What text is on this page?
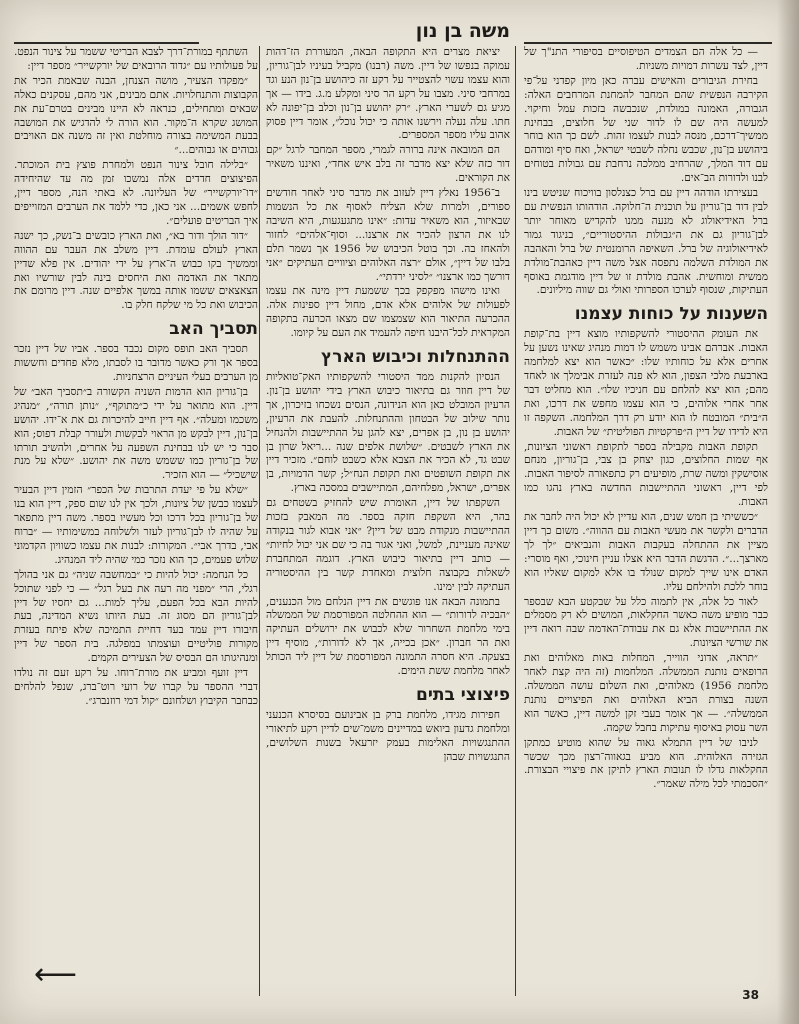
משה בן נון

— כל אלה הם הצמדים הטיפוסיים בסיפורי התנ"ך של דיין, לצד עשרות דמויות משניות.

בחירת הגיבורים והאישים עברה כאן מיון קפדני על־פי הקירבה הנפשית שהם המחבר להמחנת המרחבים האלה: הגבורה, האמונה במולדת, שנכבשה בזכות עמל וחיקוי. למעשה היה שם לו לדור שני של חלוצים, בבחינת ממשיך־דרכם, מנסה לבנות לעצמו זהות. לשם כך הוא בוחר ביהושע בן־נון, שכבש נחלה לשבטי ישראל, ואח סיף ומודהם עם דוד המלך, שהרחיב ממלכה נרחבת עם גבולות בטוחים לבנו ולדורות הב־אים.

בעצירתו הודהה דיין עם ברל כצנלסון בוויכוח שניטש בינו לבין דוד בן־גוריון על תוכנית ה־חלוקה. הודהותו הנפשית עם ברל האידיאולוג לא מנעה ממנו להקדיש מאוחר יותר לבן־גוריון גם את ה״גבולות ההיסטוריים״, בניגוד גמור לאידיאולוגיה של ברל. השאיפה הרומנטית של ברל והאהבה את המולדת השלמה נתפסה אצל משה דיין כאהבת־מולדת ממשית ומוחשית. אהבת מולדת זו של דיין מודגמת באוסף העתיקות, שנסוף לערכו הספרותי ואולי גם שווה מיליונים.

השענות על כוחות עצמנו

את העומק ההיסטורי להשקפותיו מוצא דיין בת־קופת האבות. אברהם אבינו משמש לו דמות מנהיג שאינו נשען על אחרים אלא על כוחותיו שלו: ״כאשר הוא יצא למלחמה בארבעת מלכי הצפון, הוא לא פנה לעזרת אבימלך או לאחד מהם; הוא יצא להלחם עם חניכיו שלו״. הוא מחליט דבר אחר אחרי אלוהים, כי הוא עצמו מחפש את דרכו, ואת ה״בית״ המובטח לו הוא יודע רק דרך המלחמה. השקפה זו היא לדידו של דיין ה״פרקטיות הפוליטית״ של האבות.

תקופת האבות מקבילה בספר לתקופת ראשוני הציונות, אף שמות החלוצים, כגון יצחק בן צבי, בן־גוריון, מנחם אוסישקין ומשה שרת, מופיעים רק כתפאורה לסיפור האבות. לפי דיין, ראשוני ההתיישבות החדשה בארץ נהגו כמו האבות.

״כששיתי בן חמש שנים, הוא עדיין לא יכול היה לחבר את הדברים ולקשר את מעשי האבות עם ההווה״. משום כך דיין מציין את ההתחלה בעקבות האבות והנביאים ״לך לך מארצך...״. הדגשת הדבר היא אצלו עניין חינוכי, ואף מוסרי: האדם אינו שייך למקום שנולד בו אלא למקום שאליו הוא בוחר ללכת ולהילחם עליו.

לאור כל אלה, אין לתמוה כלל על שבקטע הבא שבספר כבר מופיע משה כאשר החקלאות, המושים לא רק מסמלים את ההתיישבות אלא גם את עבודת־האדמה שבה רואה דיין את שורשי הציונות.

״תראה, אדוני הווייר, המחלות באות מאלוהים ואת הרופאים נותנת הממשלה. המלחמות (זה היה קצת לאחר מלחמת 1956) מאלוהים, ואת השלום עושה הממשלה. השנה בצורת הביא האלוהים ואת הפיצויים נותנת הממשלה״. — אך אומר בעבי זקן למשה דיין, כאשר הוא השר עסוק באיסוף עתיקות בחבל שקמה.

לניבו של דיין התמלא גאוה על שהוא מוטיע כמתקן הגזירה האלוהית. הוא מביע בגאווה־רצון מכך שכשר החקלאות גדלו לו תנובות הארץ לתיקן את פיצויי הבצורת. ״הסכמתי לכל מילה שאמר״.

יציאת מצרים היא התקופה הבאה, המעוררת הז־דהות עמוקה בנפשו של דיין. משה (רבנו) מקביל בעיניו לבן־גוריון, והוא עצמו עשוי להצטייר על רקע זה כיהושע בן־נון הנע וגד במרחבי סיני. מצבו על רקע הר סיני ומקלע מ.ג. בידו — אך מגיע גם לשערי הארץ. ״רק יהושע בן־נון וכלב בן־יפונה לא חתו. עלה נעלה וירשנו אותה כי יכול נוכל״, אומר דיין פסוק אהוב עליו מספר המספרים.

הם המובאה אינה ברורה לגמרי, מספר המחבר לרגל ״קם דור כזה שלא יצא מדבר זה בלב איש אחד״, ואיננו משאיר את הקוראים.

ב־1956 נאלץ דיין לעזוב את מדבר סיני לאחר חודשים ספורים, ולמרות שלא הצליח לאסוף את כל הנשמות שבאיזור, הוא משאיר עדות: ״אינו מתגעגעות, היא השיבה לנו את הרצון להכיר את ארצנו... וסוף־אלהים״ לחזור ולהאחז בה. וכך בוטל הכיבוש של 1956 אך נשמר תלם בלבו של דיין״, אולם ״רצה האלוהים וציוויים העתיקים ״אני דורשך כמו ארצנו״ ״לסיני ירדתי״.

ואינו מישהו מפקפק בכך ששמעת דיין מינה את עצמו לפעולות של אלוהים אלא אדם, מחול דיין ספינות אלה. ההכרעה התיאור הוא שצמצמו שם מצאו הכרעה בתקופה המקראית לכל־היבנו חיפה להעמיד את העם על קיומו.

ההתנחלות וכיבוש הארץ

הנסיון להקנות ממד היסטורי להשקפותיו האק־טואליות של דיין חוזר גם בתיאור כיבוש הארץ בידי יהושע בן־נון. הרעיון המובלט כאן הוא הנידונה, הנסים נשכחו בזיכרון, אך נותר שילוב של הבטחון וההתנחלות. להעבת את הרעיון, יהושע בן נון, בן אפרים, יצא להגן על ההתיישבות ולהנחיל את הארץ לשבטים. ״שלושת אלפים שנה ...ריאל שרון בן שבט גד, לא הכיר את הצבא אלא כשבט לוחם״. מזכיר דיין את תקופת השופטים ואת תקופת הנח״ל; קשר הדמויות, בן אפרים, ישראל, מפלחיהם, המתיישבים במסכה בארץ.

השקפתו של דיין, האומרת שיש להחזיק בשטחים גם בהר, היא השקפת חזקה בספר. מה המאבק בזכות ההתיישבות מנקודת מבט של דיין? ״אני אבוא לגור בנקודה שאינה מעניינת, למשל, ואני אגור בה כי שם אני יכול לחיות״ — כותב דיין בתיאור כיבוש הארץ. דוגמה המתחברת לשאלות בקבוצה חלוצית ומאחדת קשר בין ההיסטוריה העתיקה לבין ימינו.

בתמונה הבאה אנו פוגשים את דיין הנלחם מול הכנענים, ״הבכיה לדורות״ — הוא ההחלטה המפורסמת של הממשלה בימי מלחמת השחרור שלא לכבוש את ירושלים העתיקה ואת הר חברון. ״אכן בכייה, אך לא לדורות״, מוסיף דיין בצעקה. היא חסרה התמונה המפורסמת של דיין ליד הכותל לאחר מלחמת ששת הימים.

פיצוצי בתים

חפירות מגידו, מלחמת ברק בן אבינועם בסיסרא הכנעני ומלחמת גדעון ביואש במדיינים משמ־שים לדיין רקע לתיאורי ההתנגשויות האלימות בעמק יזרעאל בשנות השלושים, התנגשויות שבהן

השתתף במורת־דרך לצבא הבריטי ששמר על צינור הנפט. על פעולותיו עם ״גדוד הרובאים של יורקשייר״ מספר דיין:

״מפקדו הצעיר, מושה הצנחן, הבנה שבאמת הכיר את הקבוצות והתנחלויות. אתם מבינים, אני מהם, עסקנים כאלה שבאים ומתחילים, כנראה לא היינו מבינים בטרם־עת את המושג שקרא ה־מקור. הוא הורה לי להדגיש את המושבה בבעת המשימה בצורה מוחלטת ואין זה משנה אם האויבים גבוהים או גבוהים...״

״בלילה חובל צינור הנפט ולמחרת פוצץ בית המוכתר. הפיצוצים חדדים אלה נמשכו זמן מה עד שהיחידה ״דו־יורקשייר״ של העליונה. לא באתי הנה, מספר דיין, לחפש אשמים... אני כאן, כדי ללמד את הערבים המזוייפים איך הבריטים פועלים״.

״דור הולך ודור בא״, ואת הארץ כובשים ב־נשק, כך ישנה הארץ לעולם עומדת. דיין משלב את העבר עם ההווה וממשיך בקו כבוש ה־ארץ על ידי יהודים. אין פלא שדיין מתאר את האדמה ואת היחסים בינה לבין שורשיו ואת הצאצאים ששמו אותה במשך אלפיים שנה. דיין מרומם את הכיבוש ואת כל מי שלקח חלק בו.

תסביך האב

תסביך האב תופס מקום נכבד בספר. אביו של דיין נזכר בספר אך ורק כאשר מדובר בו לסבתו, מלא פחדים וחששות מן הערבים בעלי העיניים הרצחניות.

בן־גוריון הוא הדמות השניה הקשורה ב״תסביך האב״ של דיין. הוא מתואר על ידי כ״מתוקף״, ״נותן תורה״, ״מנהיג משכמו ומעלה״. אף דיין חייב להיכרות גם את א־ידו. יהושע בן־נון, דיין לבקש מן הראוי לבקשות ולעורר קבלת דפוס; הוא סבר כי יש לנו בבחינת השפעה על אחרים, ולהשיב תורתו של בן־גוריון כמו ששמש משה את יהושע. ״שלא על מנת שישכיל״ — הוא הזכיר.

״שלא על פי יעדת התרבות של הכפר״ הזמין דיין הבעיר לעצמו כבשן של ציונות, ולכך אין לנו שום ספק, דיין הוא בנו של בן־גוריון בכל דרכו וכל מעשיו בספר. משה דיין מתפאר על שהיה לו לבן־גוריון לעזר ולשלוחה במשימותיו — ״ברוח אבי, בדרך אבי״. המקורות: לבנות את עצמו כשוויון הקדמוני שלוש פעמים, כך הוא נזכר כמי שהיה ליד המנהיג.

כל הנחמה: יכול להיות כי ״במחשבה שניה״ גם אני בהולך רגלי, הרי ״מפני מה רעה את בעל רגל״ — כי לפני שתוכל להיות הבא בכל הפעם, עליך למות... גם יחסיו של דיין לבן־גוריון הם מסוג זה. בעת היותו נשיא המדינה, בעת חיבורו דיין עמד בעד דחיית התמיכה שלא פיתח בעזרת מקורות פוליטיים ועוצמתו במפלגה. בית הספר של דיין ומנהיגותו הם הבסיס של הצעירים הקמים.

דיין זועף ומביע את מורת־רוחו. על רקע זעם זה נולדו דברי ההספד על קברו של רועי רוט־ברג, שנפל להלחים כבחבר הקיבוץ ושלחונם ״קול דמי רוזנברג״.

⟵
38
